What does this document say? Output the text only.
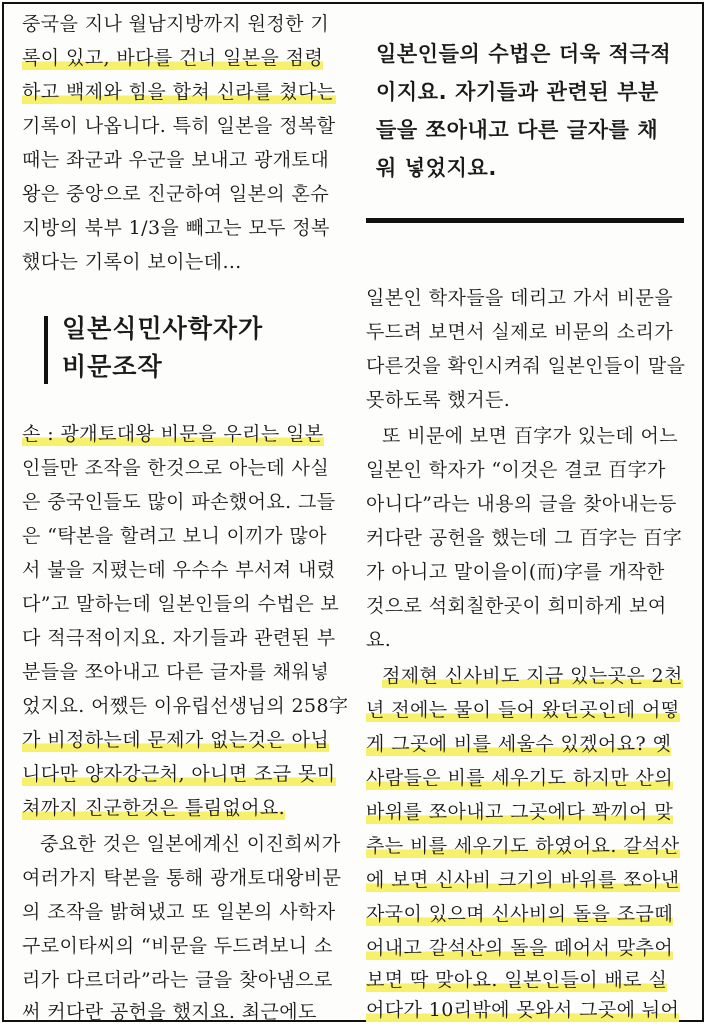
중국을 지나 월남지방까지 원정한 기
록이 있고, 바다를 건너 일본을 점령
하고 백제와 힘을 합쳐 신라를 쳤다는
기록이 나옵니다. 특히 일본을 정복할
때는 좌군과 우군을 보내고 광개토대
왕은 중앙으로 진군하여 일본의 혼슈
지방의 북부 1/3을 빼고는 모두 정복
했다는 기록이 보이는데…
일본식민사학자가
비문조작
손 : 광개토대왕 비문을 우리는 일본
인들만 조작을 한것으로 아는데 사실
은 중국인들도 많이 파손했어요. 그들
은 “탁본을 할려고 보니 이끼가 많아
서 불을 지폈는데 우수수 부서져 내렸
다”고 말하는데 일본인들의 수법은 보
다 적극적이지요. 자기들과 관련된 부
분들을 쪼아내고 다른 글자를 채워넣
었지요. 어쨌든 이유립선생님의 258字
가 비정하는데 문제가 없는것은 아닙
니다만 양자강근처, 아니면 조금 못미
쳐까지 진군한것은 틀림없어요.
중요한 것은 일본에계신 이진희씨가
여러가지 탁본을 통해 광개토대왕비문
의 조작을 밝혀냈고 또 일본의 사학자
구로이타씨의 “비문을 두드려보니 소
리가 다르더라”라는 글을 찾아냄으로
써 커다란 공헌을 했지요. 최근에도
일본인들의 수법은 더욱 적극적
이지요. 자기들과 관련된 부분
들을 쪼아내고 다른 글자를 채
워 넣었지요.
일본인 학자들을 데리고 가서 비문을
두드려 보면서 실제로 비문의 소리가
다른것을 확인시켜줘 일본인들이 말을
못하도록 했거든.
또 비문에 보면 百字가 있는데 어느
일본인 학자가 “이것은 결코 百字가
아니다”라는 내용의 글을 찾아내는등
커다란 공헌을 했는데 그 百字는 百字
가 아니고 말이을이(而)字를 개작한
것으로 석회칠한곳이 희미하게 보여
요.
점제현 신사비도 지금 있는곳은 2천
년 전에는 물이 들어 왔던곳인데 어떻
게 그곳에 비를 세울수 있겠어요? 옛
사람들은 비를 세우기도 하지만 산의
바위를 쪼아내고 그곳에다 꽉끼어 맞
추는 비를 세우기도 하였어요. 갈석산
에 보면 신사비 크기의 바위를 쪼아낸
자국이 있으며 신사비의 돌을 조금떼
어내고 갈석산의 돌을 떼어서 맞추어
보면 딱 맞아요. 일본인들이 배로 실
어다가 10리밖에 못와서 그곳에 눠어
